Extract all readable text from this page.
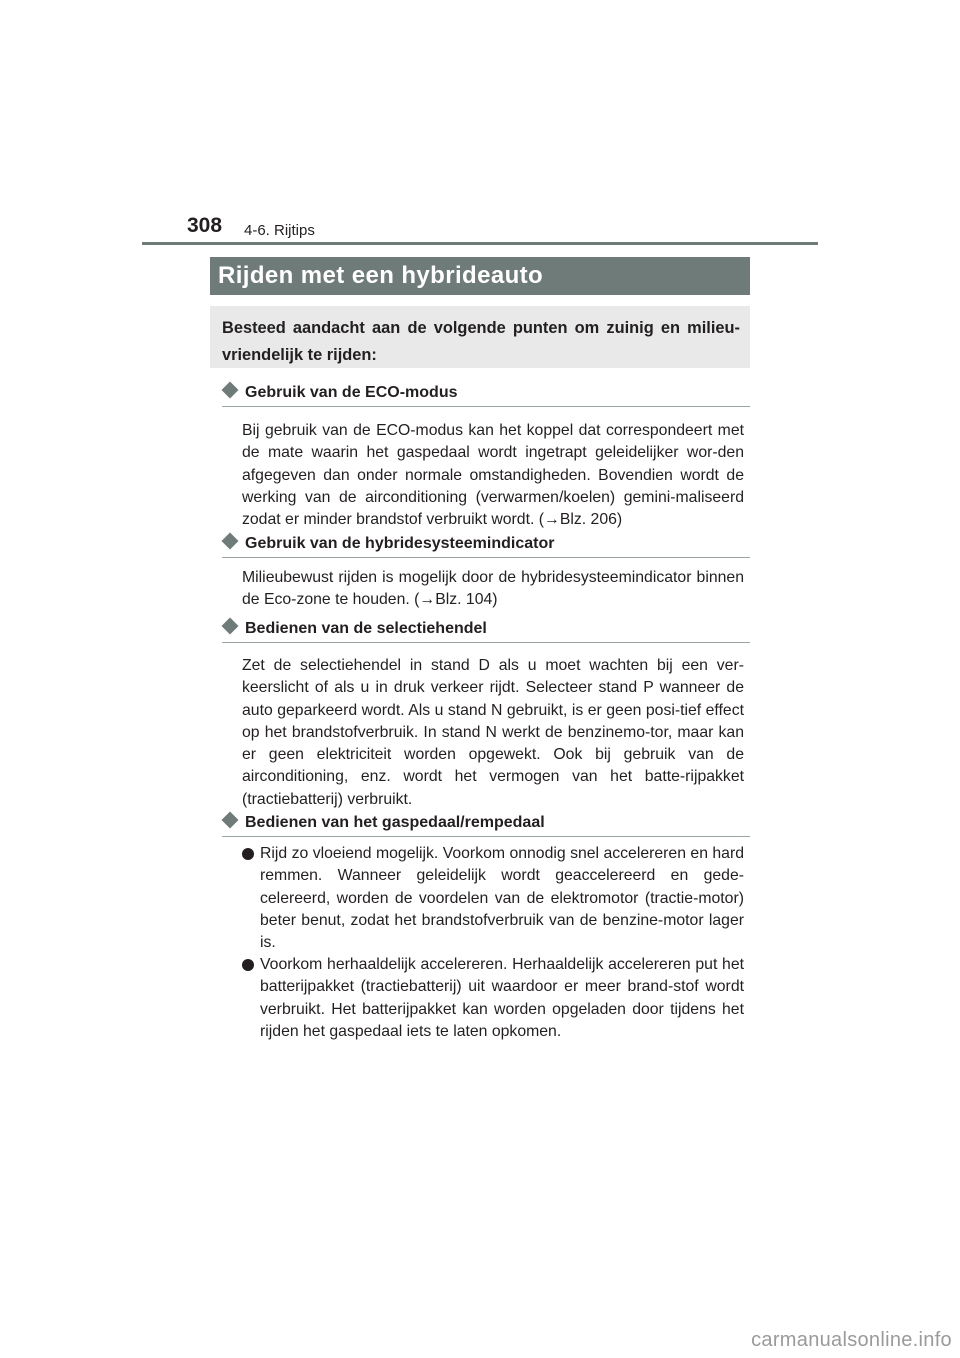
308 4-6. Rijtips
Rijden met een hybrideauto
Besteed aandacht aan de volgende punten om zuinig en milieu-vriendelijk te rijden:
Gebruik van de ECO-modus

Bij gebruik van de ECO-modus kan het koppel dat correspondeert met de mate waarin het gaspedaal wordt ingetrapt geleidelijker wor-den afgegeven dan onder normale omstandigheden. Bovendien wordt de werking van de airconditioning (verwarmen/koelen) gemini-maliseerd zodat er minder brandstof verbruikt wordt. (→Blz. 206)

Gebruik van de hybridesysteemindicator

Milieubewust rijden is mogelijk door de hybridesysteemindicator binnen de Eco-zone te houden. (→Blz. 104)

Bedienen van de selectiehendel

Zet de selectiehendel in stand D als u moet wachten bij een ver-keerslicht of als u in druk verkeer rijdt. Selecteer stand P wanneer de auto geparkeerd wordt. Als u stand N gebruikt, is er geen posi-tief effect op het brandstofverbruik. In stand N werkt de benzinemo-tor, maar kan er geen elektriciteit worden opgewekt. Ook bij gebruik van de airconditioning, enz. wordt het vermogen van het batte-rijpakket (tractiebatterij) verbruikt.

Bedienen van het gaspedaal/rempedaal

Rijd zo vloeiend mogelijk. Voorkom onnodig snel accelereren en hard remmen. Wanneer geleidelijk wordt geaccelereerd en gede-celereerd, worden de voordelen van de elektromotor (tractie-motor) beter benut, zodat het brandstofverbruik van de benzine-motor lager is.

Voorkom herhaaldelijk accelereren. Herhaaldelijk accelereren put het batterijpakket (tractiebatterij) uit waardoor er meer brand-stof wordt verbruikt. Het batterijpakket kan worden opgeladen door tijdens het rijden het gaspedaal iets te laten opkomen.

carmanualsonline.info
